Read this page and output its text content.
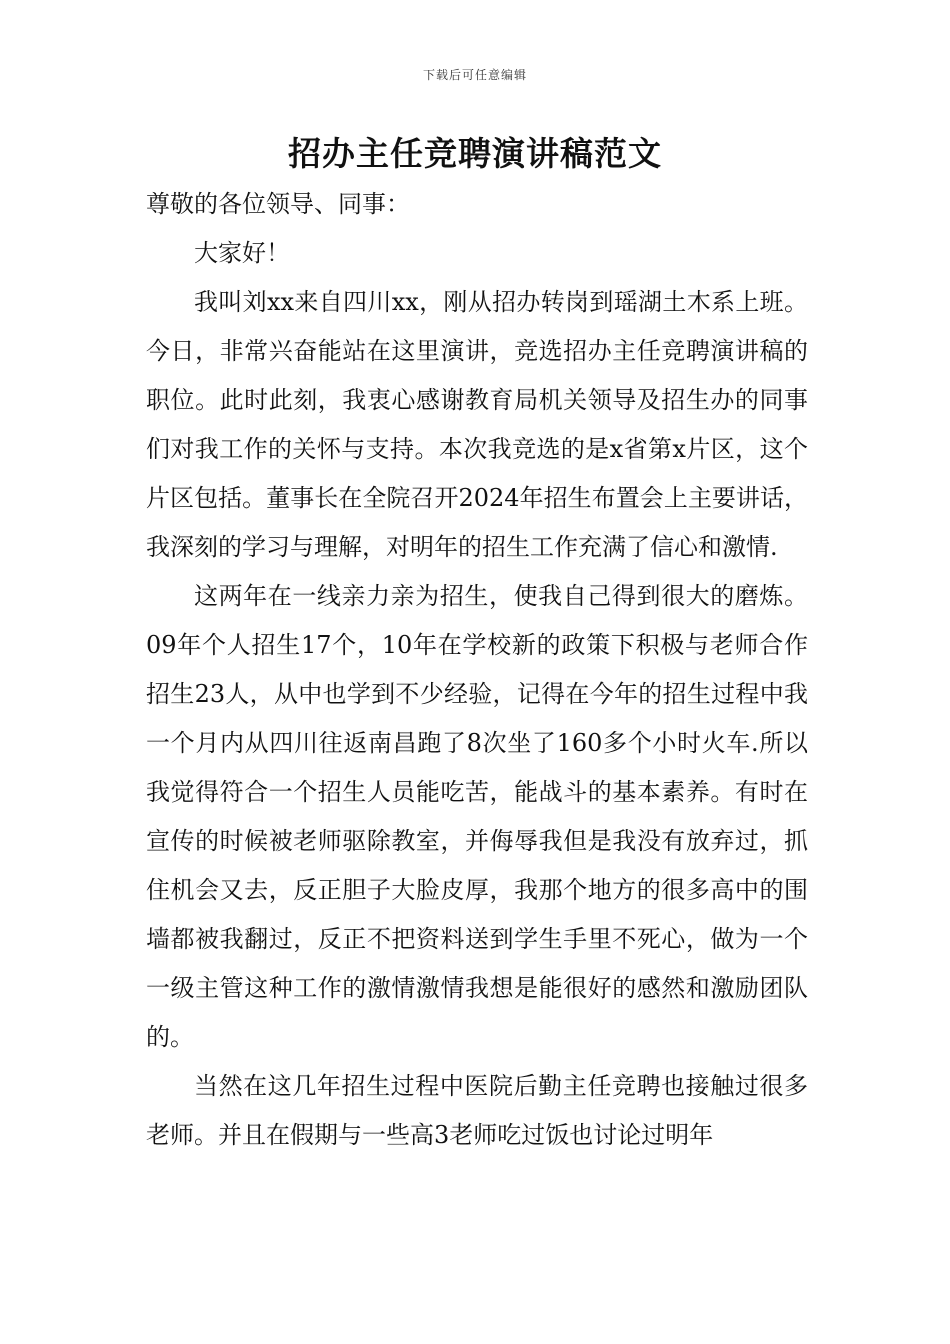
下载后可任意编辑
招办主任竞聘演讲稿范文

尊敬的各位领导、同事：

大家好！

我叫刘xx来自四川xx，刚从招办转岗到瑶湖土木系上班。今日，非常兴奋能站在这里演讲，竞选招办主任竞聘演讲稿的职位。此时此刻，我衷心感谢教育局机关领导及招生办的同事们对我工作的关怀与支持。本次我竞选的是x省第x片区，这个片区包括。董事长在全院召开2024年招生布置会上主要讲话，我深刻的学习与理解，对明年的招生工作充满了信心和激情.

这两年在一线亲力亲为招生，使我自己得到很大的磨炼。09年个人招生17个，10年在学校新的政策下积极与老师合作招生23人，从中也学到不少经验，记得在今年的招生过程中我一个月内从四川往返南昌跑了8次坐了160多个小时火车.所以我觉得符合一个招生人员能吃苦，能战斗的基本素养。有时在宣传的时候被老师驱除教室，并侮辱我但是我没有放弃过，抓住机会又去，反正胆子大脸皮厚，我那个地方的很多高中的围墙都被我翻过，反正不把资料送到学生手里不死心，做为一个一级主管这种工作的激情激情我想是能很好的感然和激励团队的。

当然在这几年招生过程中医院后勤主任竞聘也接触过很多老师。并且在假期与一些高3老师吃过饭也讨论过明年
